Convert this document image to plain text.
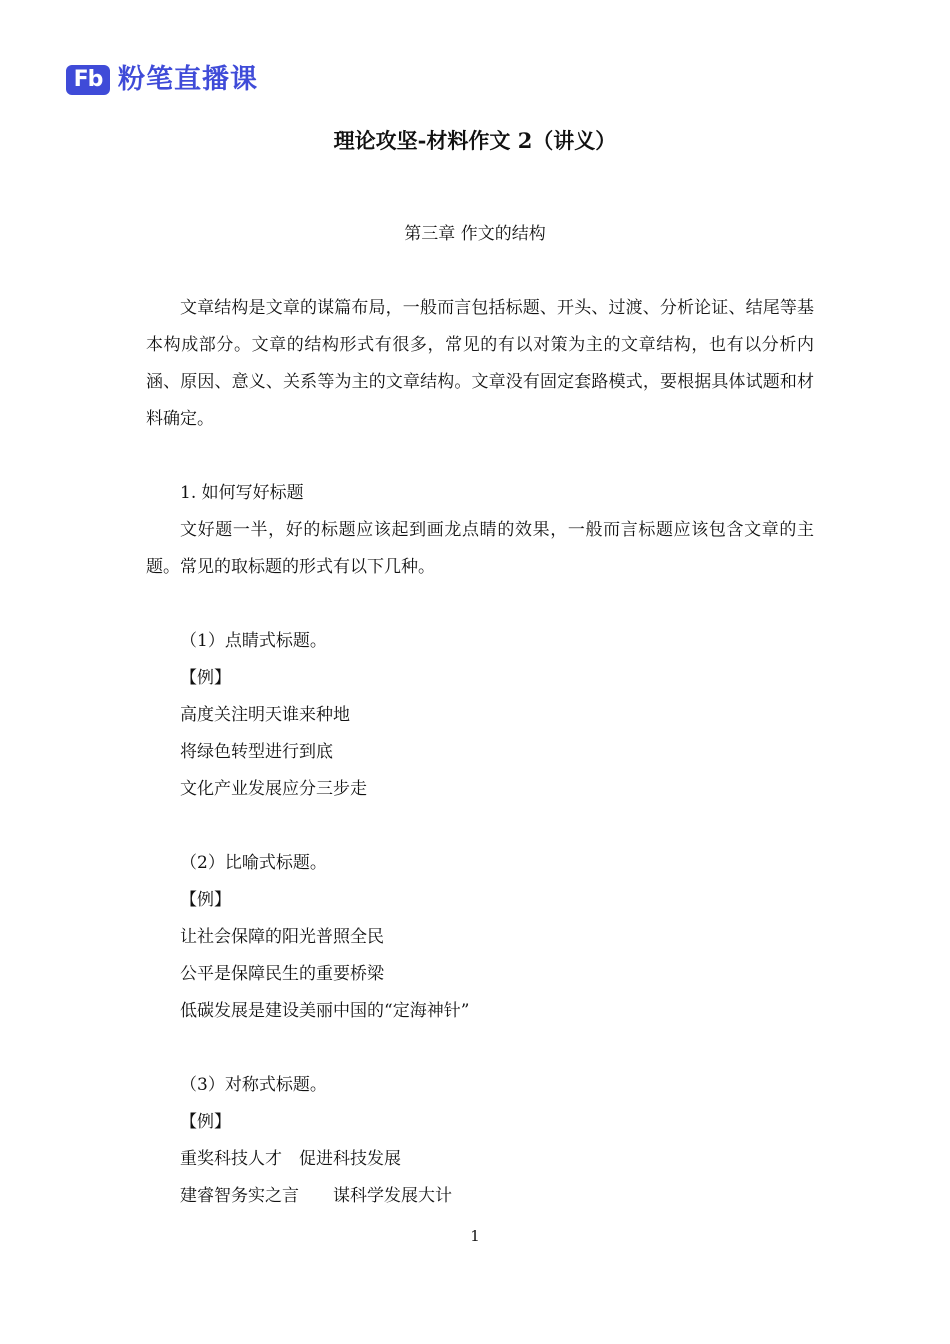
Fb 粉笔直播课
理论攻坚-材料作文 2（讲义）
第三章 作文的结构

文章结构是文章的谋篇布局，一般而言包括标题、开头、过渡、分析论证、结尾等基本构成部分。文章的结构形式有很多，常见的有以对策为主的文章结构，也有以分析内涵、原因、意义、关系等为主的文章结构。文章没有固定套路模式，要根据具体试题和材料确定。

1. 如何写好标题

文好题一半，好的标题应该起到画龙点睛的效果，一般而言标题应该包含文章的主题。常见的取标题的形式有以下几种。

（1）点睛式标题。

【例】

高度关注明天谁来种地

将绿色转型进行到底

文化产业发展应分三步走

（2）比喻式标题。

【例】

让社会保障的阳光普照全民

公平是保障民生的重要桥梁

低碳发展是建设美丽中国的“定海神针”

（3）对称式标题。

【例】

重奖科技人才　促进科技发展

建睿智务实之言　　谋科学发展大计

1
